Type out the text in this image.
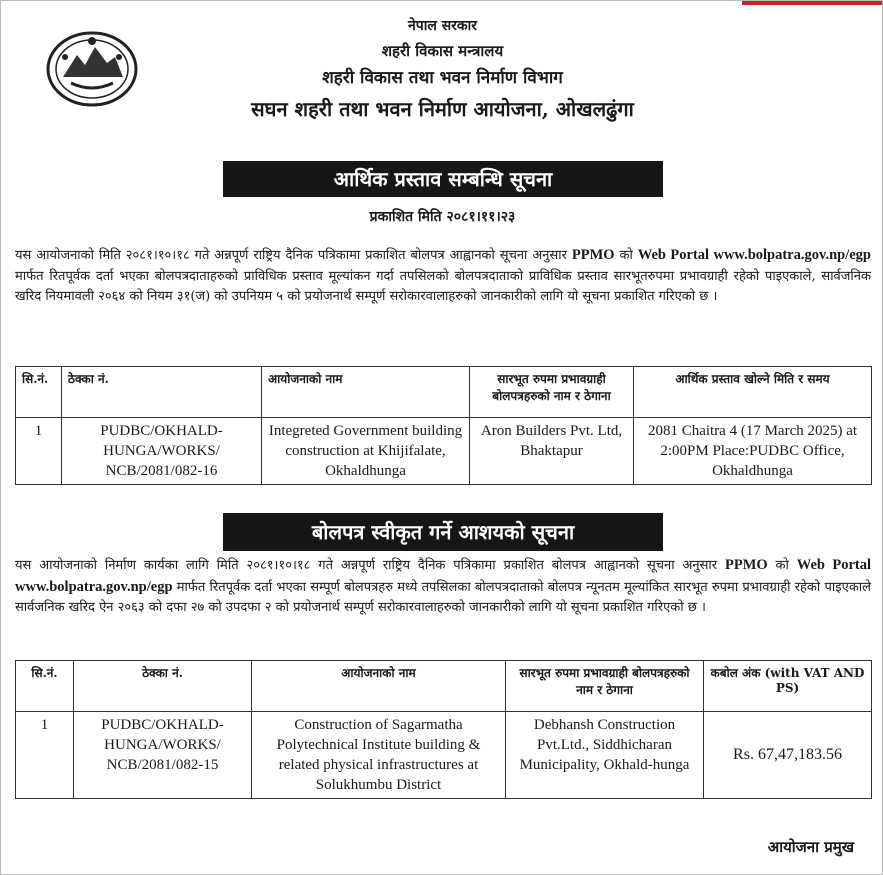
नेपाल सरकार
शहरी विकास मन्त्रालय
शहरी विकास तथा भवन निर्माण विभाग
सघन शहरी तथा भवन निर्माण आयोजना, ओखलढुंगा
आर्थिक प्रस्ताव सम्बन्धि सूचना
प्रकाशित मिति २०८१।११।२३
यस आयोजनाको मिति २०८१।१०।१८ गते अन्नपूर्ण राष्ट्रिय दैनिक पत्रिकामा प्रकाशित बोलपत्र आह्वानको सूचना अनुसार PPMO को Web Portal www.bolpatra.gov.np/egp मार्फत रितपूर्वक दर्ता भएका बोलपत्रदाताहरुको प्राविधिक प्रस्ताव मूल्यांकन गर्दा तपसिलको बोलपत्रदाताको प्राविधिक प्रस्ताव सारभूतरुपमा प्रभावग्राही रहेको पाइएकाले, सार्वजनिक खरिद नियमावली २०६४ को नियम ३१(ज) को उपनियम ५ को प्रयोजनार्थ सम्पूर्ण सरोकारवालाहरुको जानकारीको लागि यो सूचना प्रकाशित गरिएको छ ।
सि.नं.	ठेक्का नं.	आयोजनाको नाम	सारभूत रुपमा प्रभावग्राही बोलपत्रहरुको नाम र ठेगाना	आर्थिक प्रस्ताव खोल्ने मिति र समय
1	PUDBC/OKHALD-HUNGA/WORKS/ NCB/2081/082-16	Integreted Government building construction at Khijifalate, Okhaldhunga	Aron Builders Pvt. Ltd, Bhaktapur	2081 Chaitra 4 (17 March 2025) at 2:00PM Place:PUDBC Office, Okhaldhunga
बोलपत्र स्वीकृत गर्ने आशयको सूचना
यस आयोजनाको निर्माण कार्यका लागि मिति २०८१।१०।१८ गते अन्नपूर्ण राष्ट्रिय दैनिक पत्रिकामा प्रकाशित बोलपत्र आह्वानको सूचना अनुसार PPMO को Web Portal www.bolpatra.gov.np/egp मार्फत रितपूर्वक दर्ता भएका सम्पूर्ण बोलपत्रहरु मध्ये तपसिलका बोलपत्रदाताको बोलपत्र न्यूनतम मूल्यांकित सारभूत रुपमा प्रभावग्राही रहेको पाइएकाले सार्वजनिक खरिद ऐन २०६३ को दफा २७ को उपदफा २ को प्रयोजनार्थ सम्पूर्ण सरोकारवालाहरुको जानकारीको लागि यो सूचना प्रकाशित गरिएको छ ।
सि.नं.	ठेक्का नं.	आयोजनाको नाम	सारभूत रुपमा प्रभावग्राही बोलपत्रहरुको नाम र ठेगाना	कबोल अंक (with VAT AND PS)
1	PUDBC/OKHALD-HUNGA/WORKS/ NCB/2081/082-15	Construction of Sagarmatha Polytechnical Institute building & related physical infrastructures at Solukhumbu District	Debhansh Construction Pvt.Ltd., Siddhicharan Municipality, Okhald-hunga	Rs. 67,47,183.56
आयोजना प्रमुख
